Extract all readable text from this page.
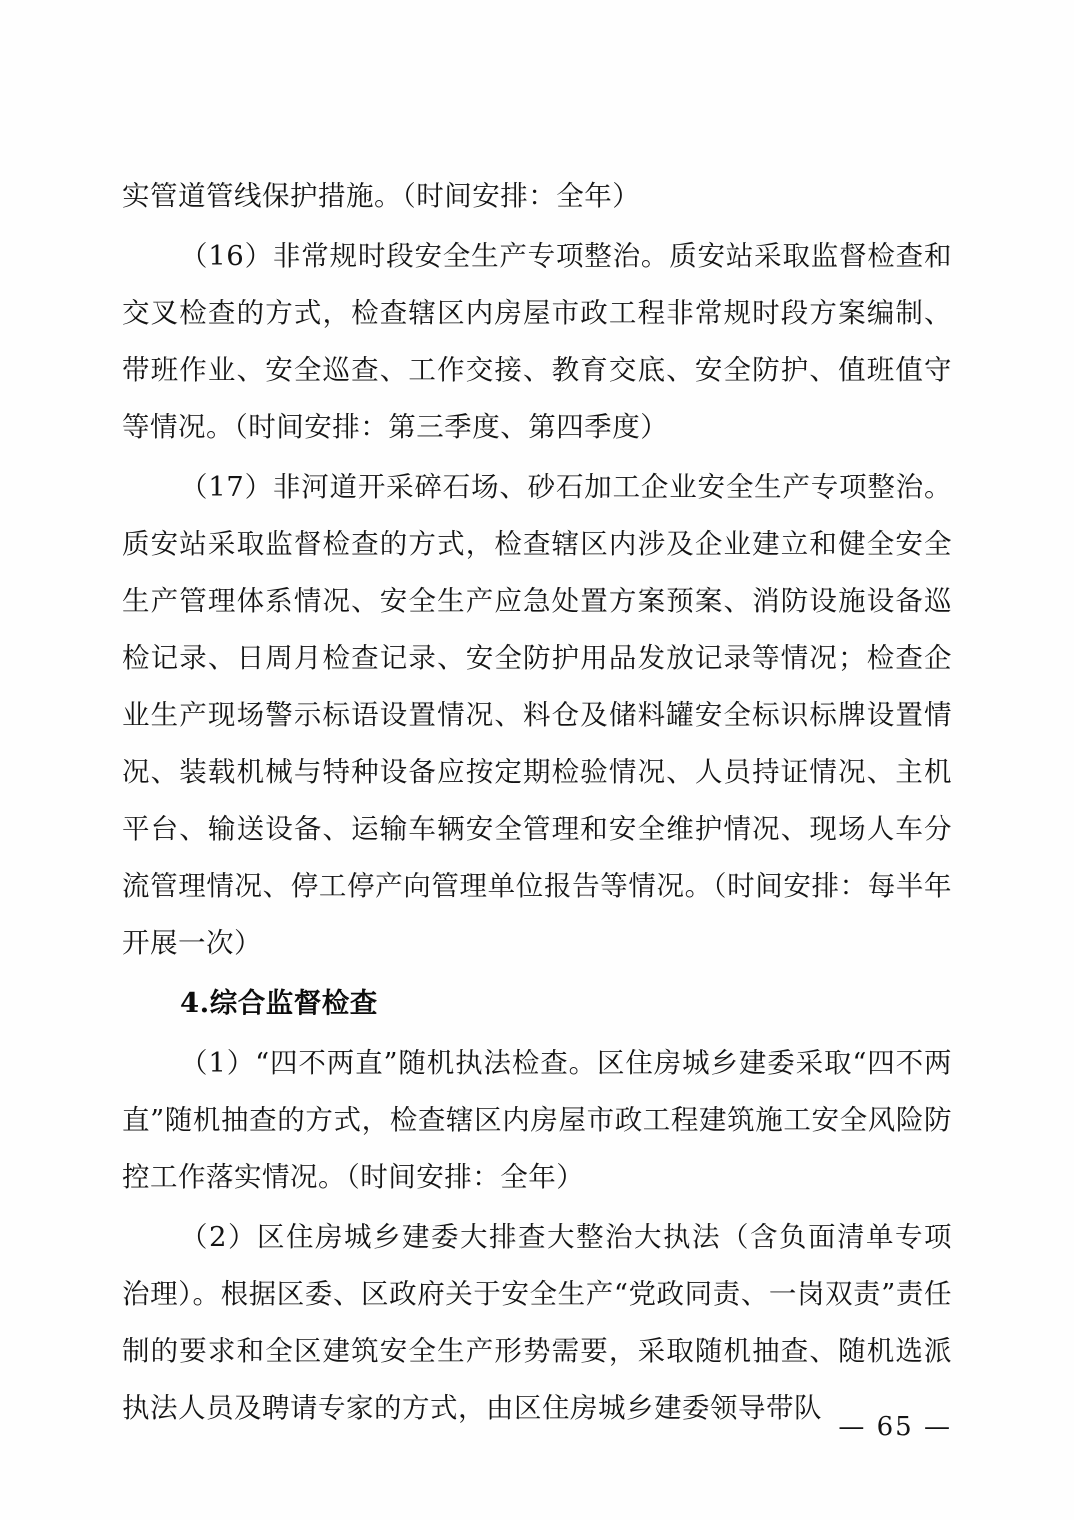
实管道管线保护措施。（时间安排：全年）

（16）非常规时段安全生产专项整治。质安站采取监督检查和交叉检查的方式，检查辖区内房屋市政工程非常规时段方案编制、带班作业、安全巡查、工作交接、教育交底、安全防护、值班值守等情况。（时间安排：第三季度、第四季度）

（17）非河道开采碎石场、砂石加工企业安全生产专项整治。质安站采取监督检查的方式，检查辖区内涉及企业建立和健全安全生产管理体系情况、安全生产应急处置方案预案、消防设施设备巡检记录、日周月检查记录、安全防护用品发放记录等情况；检查企业生产现场警示标语设置情况、料仓及储料罐安全标识标牌设置情况、装载机械与特种设备应按定期检验情况、人员持证情况、主机平台、输送设备、运输车辆安全管理和安全维护情况、现场人车分流管理情况、停工停产向管理单位报告等情况。（时间安排：每半年开展一次）

4.综合监督检查

（1）“四不两直”随机执法检查。区住房城乡建委采取“四不两直”随机抽查的方式，检查辖区内房屋市政工程建筑施工安全风险防控工作落实情况。（时间安排：全年）

（2）区住房城乡建委大排查大整治大执法（含负面清单专项治理）。根据区委、区政府关于安全生产“党政同责、一岗双责”责任制的要求和全区建筑安全生产形势需要，采取随机抽查、随机选派执法人员及聘请专家的方式，由区住房城乡建委领导带队

— 65 —
